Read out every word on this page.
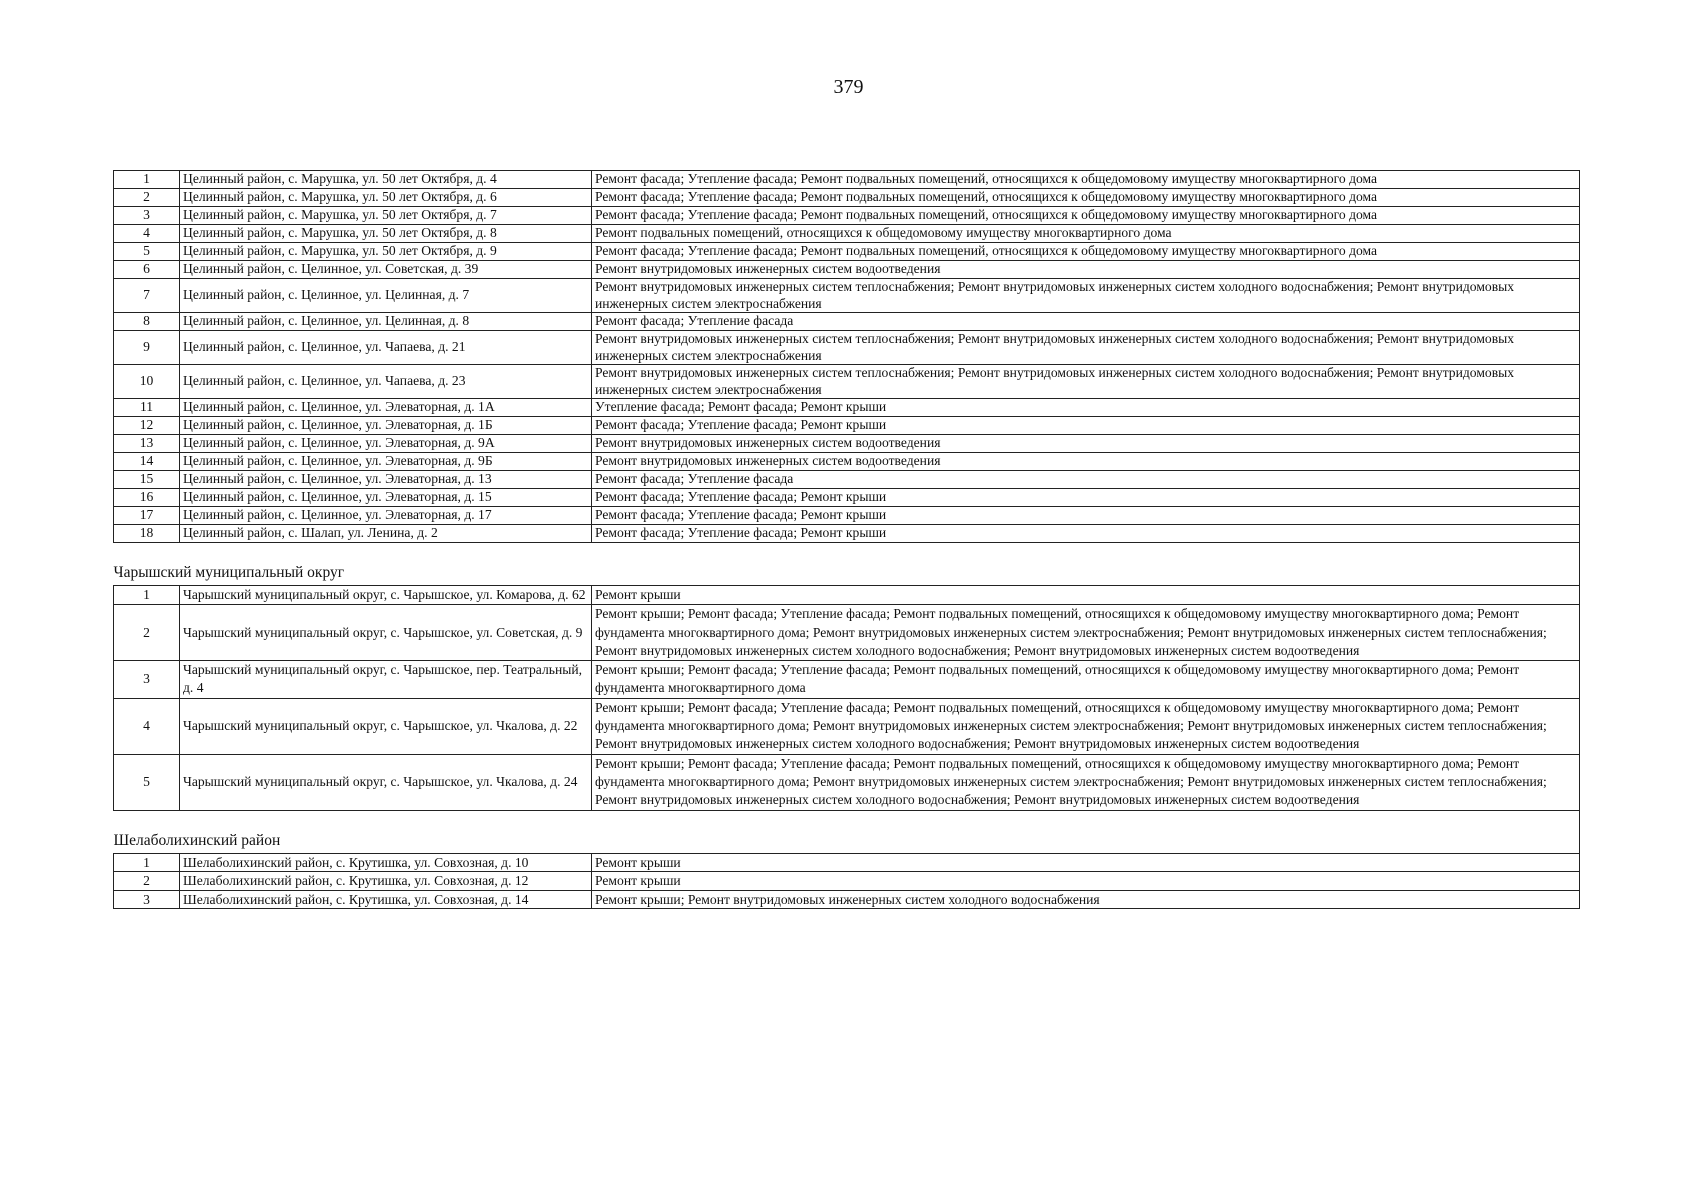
379
1	Целинный район, с. Марушка, ул. 50 лет Октября, д. 4	Ремонт фасада; Утепление фасада; Ремонт подвальных помещений, относящихся к общедомовому имуществу многоквартирного дома
2	Целинный район, с. Марушка, ул. 50 лет Октября, д. 6	Ремонт фасада; Утепление фасада; Ремонт подвальных помещений, относящихся к общедомовому имуществу многоквартирного дома
3	Целинный район, с. Марушка, ул. 50 лет Октября, д. 7	Ремонт фасада; Утепление фасада; Ремонт подвальных помещений, относящихся к общедомовому имуществу многоквартирного дома
4	Целинный район, с. Марушка, ул. 50 лет Октября, д. 8	Ремонт подвальных помещений, относящихся к общедомовому имуществу многоквартирного дома
5	Целинный район, с. Марушка, ул. 50 лет Октября, д. 9	Ремонт фасада; Утепление фасада; Ремонт подвальных помещений, относящихся к общедомовому имуществу многоквартирного дома
6	Целинный район, с. Целинное, ул. Советская, д. 39	Ремонт внутридомовых инженерных систем водоотведения
7	Целинный район, с. Целинное, ул. Целинная, д. 7	Ремонт внутридомовых инженерных систем теплоснабжения; Ремонт внутридомовых инженерных систем холодного водоснабжения; Ремонт внутридомовых инженерных систем электроснабжения
8	Целинный район, с. Целинное, ул. Целинная, д. 8	Ремонт фасада; Утепление фасада
9	Целинный район, с. Целинное, ул. Чапаева, д. 21	Ремонт внутридомовых инженерных систем теплоснабжения; Ремонт внутридомовых инженерных систем холодного водоснабжения; Ремонт внутридомовых инженерных систем электроснабжения
10	Целинный район, с. Целинное, ул. Чапаева, д. 23	Ремонт внутридомовых инженерных систем теплоснабжения; Ремонт внутридомовых инженерных систем холодного водоснабжения; Ремонт внутридомовых инженерных систем электроснабжения
11	Целинный район, с. Целинное, ул. Элеваторная, д. 1А	Утепление фасада; Ремонт фасада; Ремонт крыши
12	Целинный район, с. Целинное, ул. Элеваторная, д. 1Б	Ремонт фасада; Утепление фасада; Ремонт крыши
13	Целинный район, с. Целинное, ул. Элеваторная, д. 9А	Ремонт внутридомовых инженерных систем водоотведения
14	Целинный район, с. Целинное, ул. Элеваторная, д. 9Б	Ремонт внутридомовых инженерных систем водоотведения
15	Целинный район, с. Целинное, ул. Элеваторная, д. 13	Ремонт фасада; Утепление фасада
16	Целинный район, с. Целинное, ул. Элеваторная, д. 15	Ремонт фасада; Утепление фасада; Ремонт крыши
17	Целинный район, с. Целинное, ул. Элеваторная, д. 17	Ремонт фасада; Утепление фасада; Ремонт крыши
18	Целинный район, с. Шалап, ул. Ленина, д. 2	Ремонт фасада; Утепление фасада; Ремонт крыши
Чарышский муниципальный округ		
1	Чарышский муниципальный округ, с. Чарышское, ул. Комарова, д. 62	Ремонт крыши
2	Чарышский муниципальный округ, с. Чарышское, ул. Советская, д. 9	Ремонт крыши; Ремонт фасада; Утепление фасада; Ремонт подвальных помещений, относящихся к общедомовому имуществу многоквартирного дома; Ремонт фундамента многоквартирного дома; Ремонт внутридомовых инженерных систем электроснабжения; Ремонт внутридомовых инженерных систем теплоснабжения; Ремонт внутридомовых инженерных систем холодного водоснабжения; Ремонт внутридомовых инженерных систем водоотведения
3	Чарышский муниципальный округ, с. Чарышское, пер. Театральный, д. 4	Ремонт крыши; Ремонт фасада; Утепление фасада; Ремонт подвальных помещений, относящихся к общедомовому имуществу многоквартирного дома; Ремонт фундамента многоквартирного дома
4	Чарышский муниципальный округ, с. Чарышское, ул. Чкалова, д. 22	Ремонт крыши; Ремонт фасада; Утепление фасада; Ремонт подвальных помещений, относящихся к общедомовому имуществу многоквартирного дома; Ремонт фундамента многоквартирного дома; Ремонт внутридомовых инженерных систем электроснабжения; Ремонт внутридомовых инженерных систем теплоснабжения; Ремонт внутридомовых инженерных систем холодного водоснабжения; Ремонт внутридомовых инженерных систем водоотведения
5	Чарышский муниципальный округ, с. Чарышское, ул. Чкалова, д. 24	Ремонт крыши; Ремонт фасада; Утепление фасада; Ремонт подвальных помещений, относящихся к общедомовому имуществу многоквартирного дома; Ремонт фундамента многоквартирного дома; Ремонт внутридомовых инженерных систем электроснабжения; Ремонт внутридомовых инженерных систем теплоснабжения; Ремонт внутридомовых инженерных систем холодного водоснабжения; Ремонт внутридомовых инженерных систем водоотведения
Шелаболихинский район		
1	Шелаболихинский район, с. Крутишка, ул. Совхозная, д. 10	Ремонт крыши
2	Шелаболихинский район, с. Крутишка, ул. Совхозная, д. 12	Ремонт крыши
3	Шелаболихинский район, с. Крутишка, ул. Совхозная, д. 14	Ремонт крыши; Ремонт внутридомовых инженерных систем холодного водоснабжения
